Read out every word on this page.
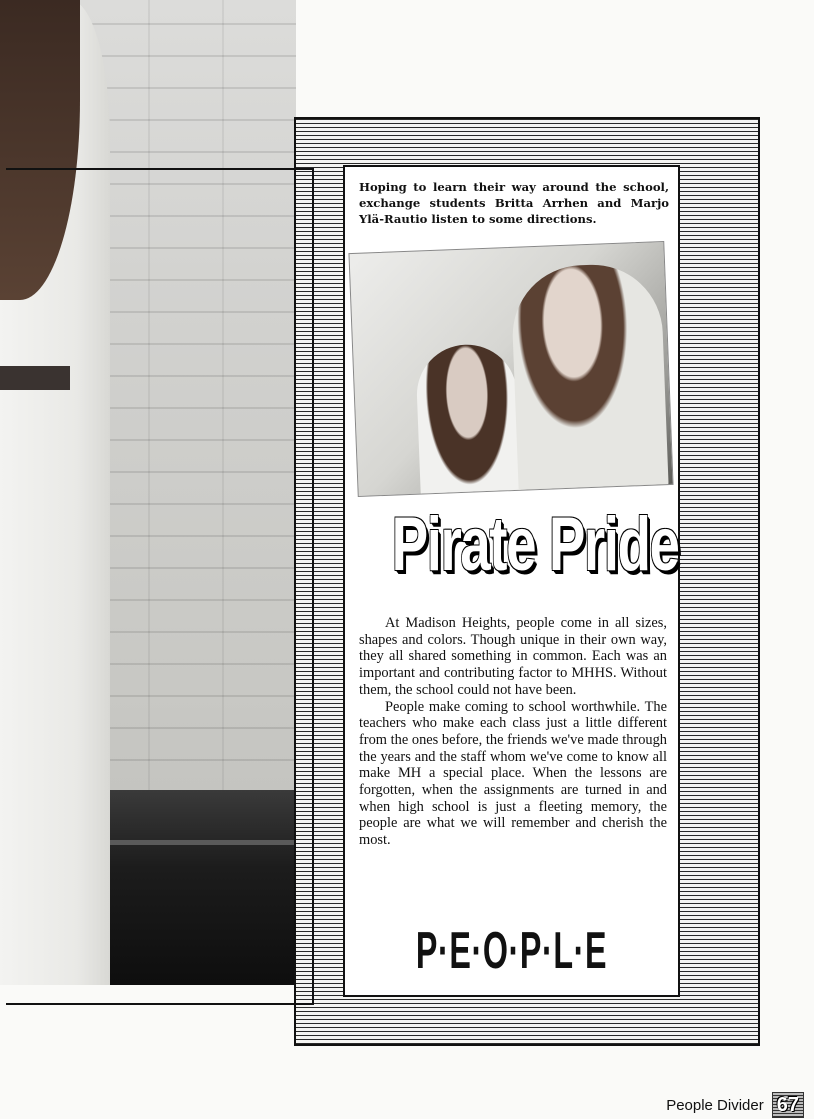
Hoping to learn their way around the school, exchange students Britta Arrhen and Marjo Ylä-Rautio listen to some directions.

Pirate Pride

At Madison Heights, people come in all sizes, shapes and colors. Though unique in their own way, they all shared something in common. Each was an important and contributing factor to MHHS. Without them, the school could not have been.

People make coming to school worthwhile. The teachers who make each class just a little different from the ones before, the friends we've made through the years and the staff whom we've come to know all make MH a special place. When the lessons are forgotten, when the assignments are turned in and when high school is just a fleeting memory, the people are what we will remember and cherish the most.

P·E·O·P·L·E
People Divider 67
